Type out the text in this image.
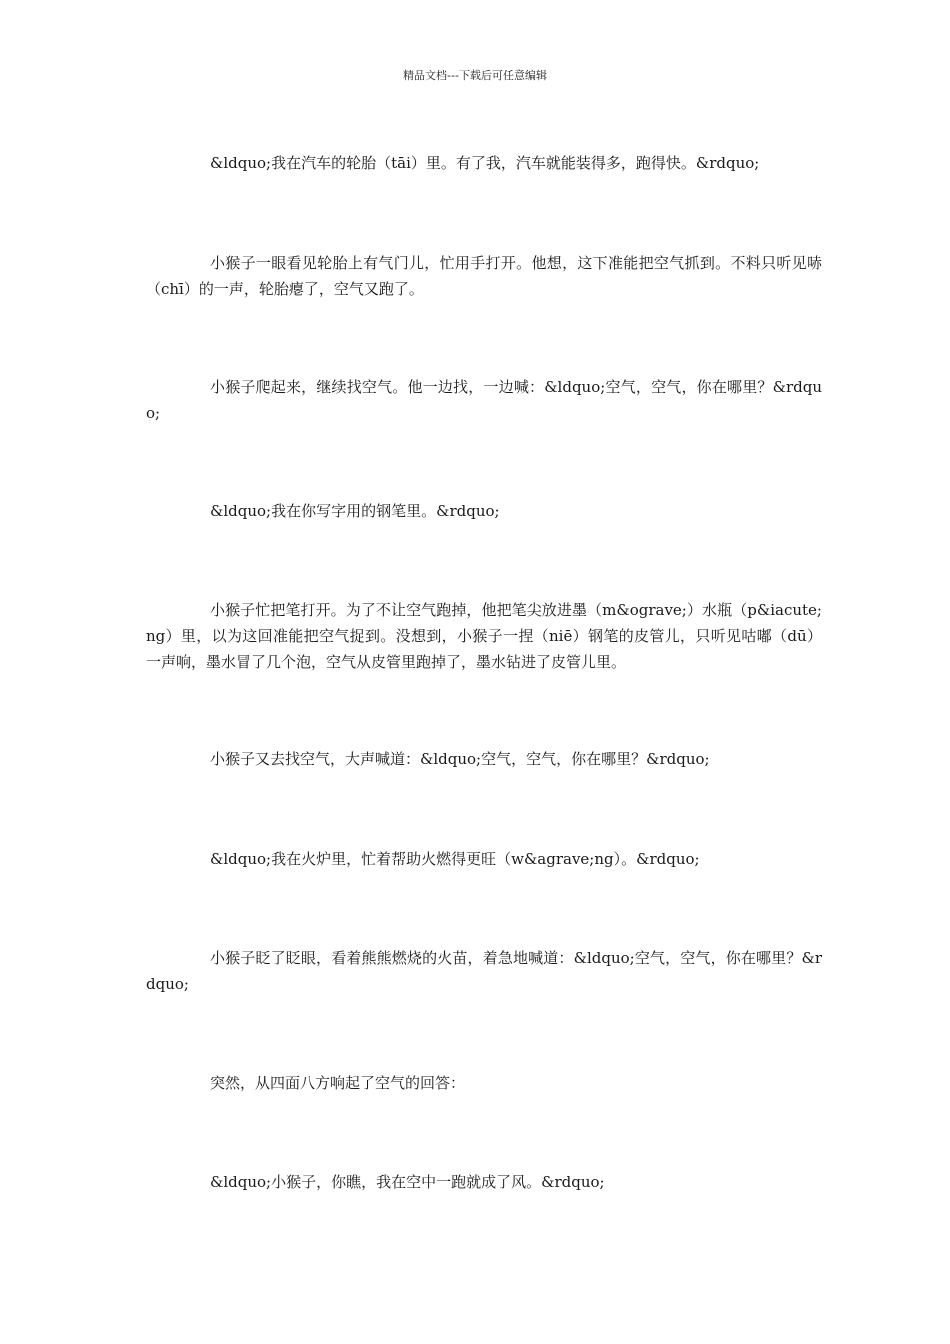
精品文档---下载后可任意编辑

&ldquo;我在汽车的轮胎（tāi）里。有了我，汽车就能装得多，跑得快。&rdquo;

小猴子一眼看见轮胎上有气门儿，忙用手打开。他想，这下准能把空气抓到。不料只听见哧（chī）的一声，轮胎瘪了，空气又跑了。

小猴子爬起来，继续找空气。他一边找，一边喊：&ldquo;空气，空气，你在哪里？&rdquo;

&ldquo;我在你写字用的钢笔里。&rdquo;

小猴子忙把笔打开。为了不让空气跑掉，他把笔尖放进墨（m&ograve;）水瓶（p&iacute;ng）里，以为这回准能把空气捉到。没想到，小猴子一捏（niē）钢笔的皮管儿，只听见咕嘟（dū）一声响，墨水冒了几个泡，空气从皮管里跑掉了，墨水钻进了皮管儿里。

小猴子又去找空气，大声喊道：&ldquo;空气，空气，你在哪里？&rdquo;

&ldquo;我在火炉里，忙着帮助火燃得更旺（w&agrave;ng）。&rdquo;

小猴子眨了眨眼，看着熊熊燃烧的火苗，着急地喊道：&ldquo;空气，空气，你在哪里？&rdquo;

突然，从四面八方响起了空气的回答：

&ldquo;小猴子，你瞧，我在空中一跑就成了风。&rdquo;
